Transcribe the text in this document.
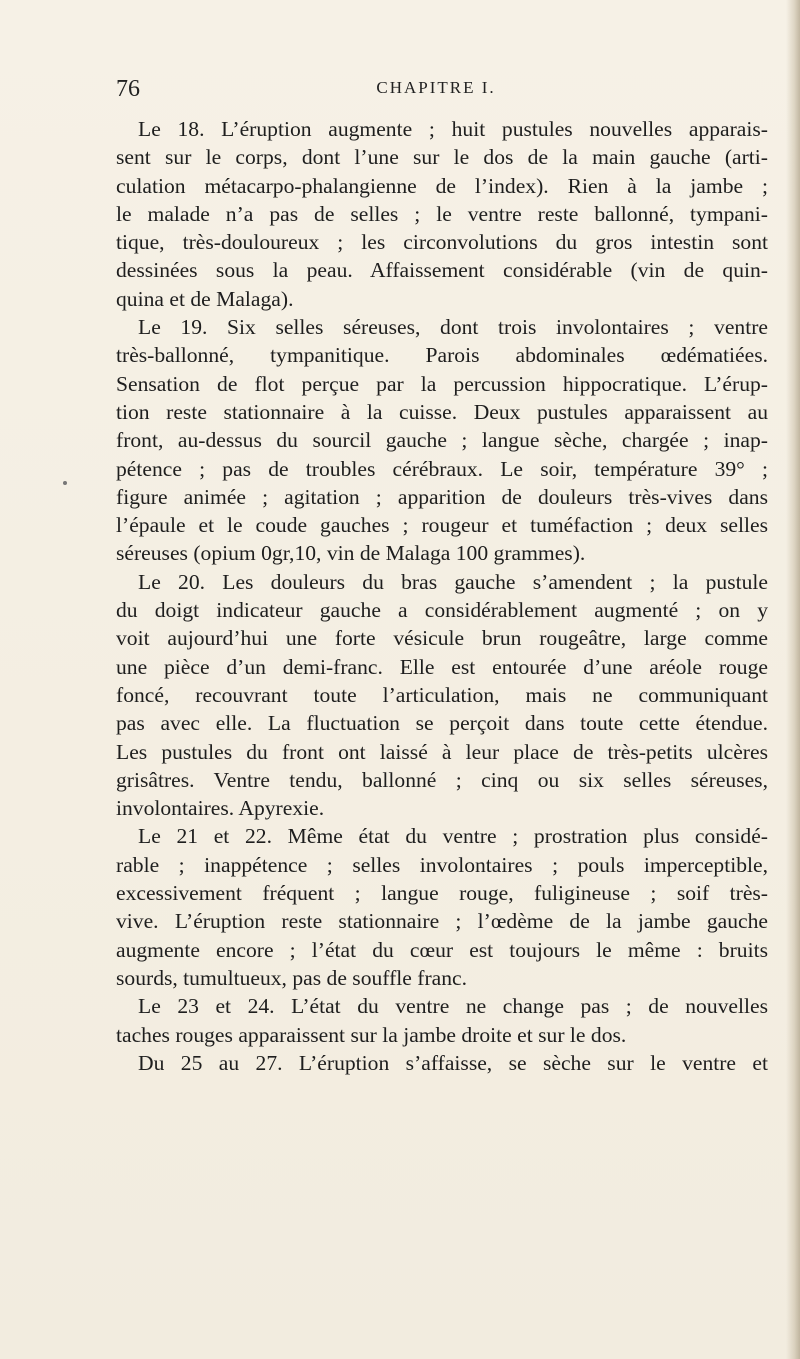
76	CHAPITRE I.
Le 18. L’éruption augmente ; huit pustules nouvelles apparais-
sent sur le corps, dont l’une sur le dos de la main gauche (arti-
culation métacarpo-phalangienne de l’index). Rien à la jambe ;
le malade n’a pas de selles ; le ventre reste ballonné, tympani-
tique, très-douloureux ; les circonvolutions du gros intestin sont
dessinées sous la peau. Affaissement considérable (vin de quin-
quina et de Malaga).
Le 19. Six selles séreuses, dont trois involontaires ; ventre
très-ballonné, tympanitique. Parois abdominales œdématiées.
Sensation de flot perçue par la percussion hippocratique. L’érup-
tion reste stationnaire à la cuisse. Deux pustules apparaissent au
front, au-dessus du sourcil gauche ; langue sèche, chargée ; inap-
pétence ; pas de troubles cérébraux. Le soir, température 39° ;
figure animée ; agitation ; apparition de douleurs très-vives dans
l’épaule et le coude gauches ; rougeur et tuméfaction ; deux selles
séreuses (opium 0gr,10, vin de Malaga 100 grammes).
Le 20. Les douleurs du bras gauche s’amendent ; la pustule
du doigt indicateur gauche a considérablement augmenté ; on y
voit aujourd’hui une forte vésicule brun rougeâtre, large comme
une pièce d’un demi-franc. Elle est entourée d’une aréole rouge
foncé, recouvrant toute l’articulation, mais ne communiquant
pas avec elle. La fluctuation se perçoit dans toute cette étendue.
Les pustules du front ont laissé à leur place de très-petits ulcères
grisâtres. Ventre tendu, ballonné ; cinq ou six selles séreuses,
involontaires. Apyrexie.
Le 21 et 22. Même état du ventre ; prostration plus considé-
rable ; inappétence ; selles involontaires ; pouls imperceptible,
excessivement fréquent ; langue rouge, fuligineuse ; soif très-
vive. L’éruption reste stationnaire ; l’œdème de la jambe gauche
augmente encore ; l’état du cœur est toujours le même : bruits
sourds, tumultueux, pas de souffle franc.
Le 23 et 24. L’état du ventre ne change pas ; de nouvelles
taches rouges apparaissent sur la jambe droite et sur le dos.
Du 25 au 27. L’éruption s’affaisse, se sèche sur le ventre et
